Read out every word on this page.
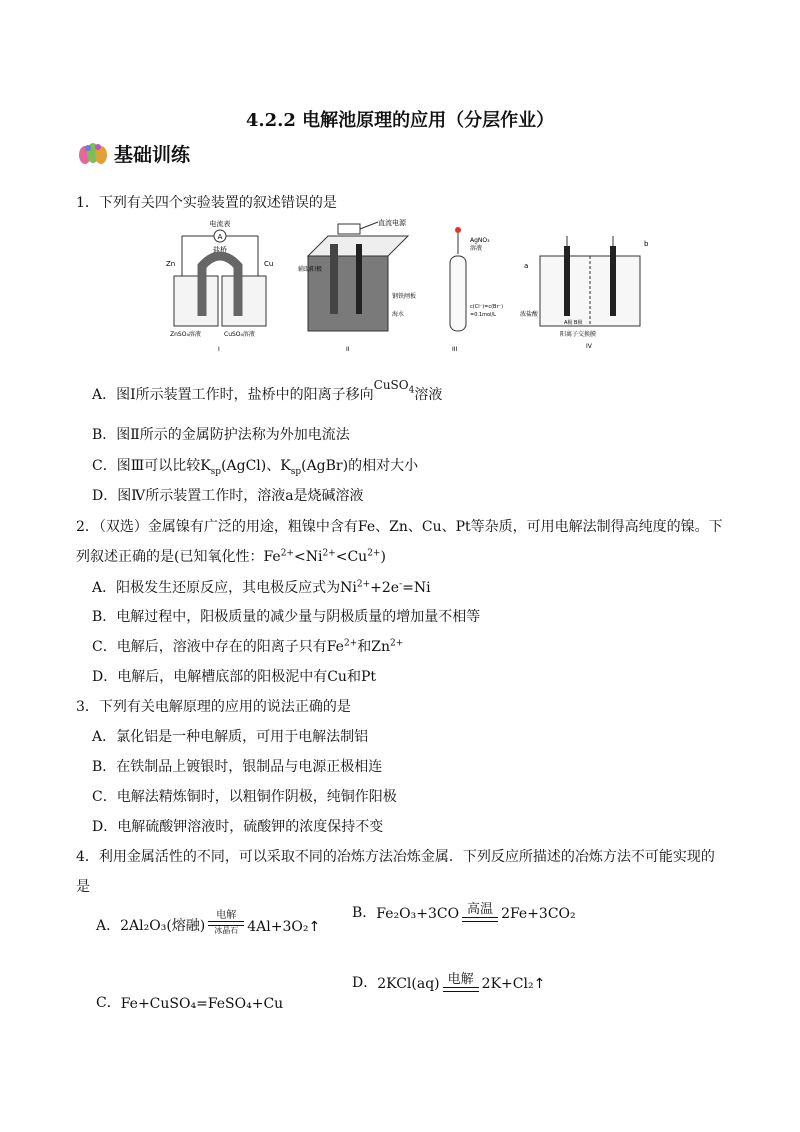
4.2.2 电解池原理的应用（分层作业）
基础训练
1．下列有关四个实验装置的叙述错误的是
A
电流表
盐桥
Zn	Cu
ZnSO₄溶液	CuSO₄溶液
I
直流电源
辅助阳极
钢铁闸板
海水
II
AgNO₃
溶液
c(Cl⁻)=c(Br⁻)
=0.1mol/L
III
a
b
浓盐酸
A极 B极
阳离子交换膜
IV
A．图Ⅰ所示装置工作时，盐桥中的阳离子移向CuSO$_4$溶液
B．图Ⅱ所示的金属防护法称为外加电流法
C．图Ⅲ可以比较$K_{sp}(AgCl)$、$K_{sp}(AgBr)$的相对大小
D．图Ⅳ所示装置工作时，溶液a是烧碱溶液
2．（双选）金属镍有广泛的用途，粗镍中含有Fe、Zn、Cu、Pt等杂质，可用电解法制得高纯度的镍。下
列叙述正确的是(已知氧化性：$Fe^{2+}<Ni^{2+}<Cu^{2+}$)
A．阳极发生还原反应，其电极反应式为$Ni^{2+}+2e^-=Ni$
B．电解过程中，阳极质量的减少量与阴极质量的增加量不相等
C．电解后，溶液中存在的阳离子只有$Fe^{2+}$和$Zn^{2+}$
D．电解后，电解槽底部的阳极泥中有Cu和Pt
3．下列有关电解原理的应用的说法正确的是
A．氯化铝是一种电解质，可用于电解法制铝
B．在铁制品上镀银时，银制品与电源正极相连
C．电解法精炼铜时，以粗铜作阴极，纯铜作阳极
D．电解硫酸钾溶液时，硫酸钾的浓度保持不变
4．利用金属活性的不同，可以采取不同的冶炼方法冶炼金属．下列反应所描述的冶炼方法不可能实现的
是
A． 2Al₂O₃(熔融)
电解
冰晶石 4Al+3O₂ ↑
B． Fe₂O₃+3CO 高温 2Fe+3CO₂
C． Fe+CuSO₄=FeSO₄+Cu
D． 2KCl(aq) 电解 2K+Cl₂ ↑
